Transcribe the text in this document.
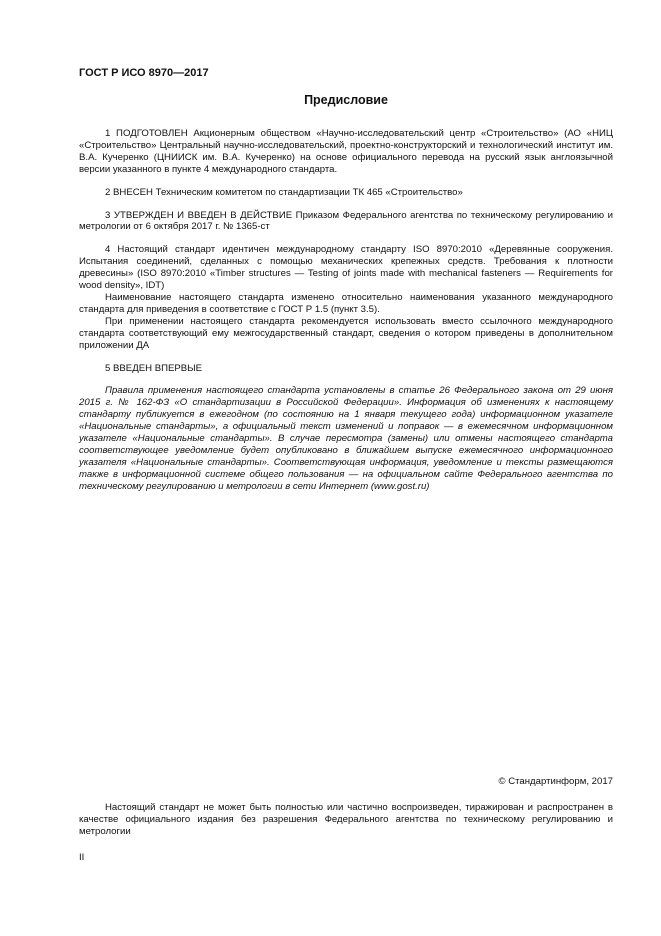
ГОСТ Р ИСО 8970—2017
Предисловие

1 ПОДГОТОВЛЕН Акционерным обществом «Научно-исследовательский центр «Строительство» (АО «НИЦ «Строительство» Центральный научно-исследовательский, проектно-конструкторский и технологический институт им. В.А. Кучеренко (ЦНИИСК им. В.А. Кучеренко) на основе официального перевода на русский язык англоязычной версии указанного в пункте 4 международного стандарта.

2 ВНЕСЕН Техническим комитетом по стандартизации ТК 465 «Строительство»

3 УТВЕРЖДЕН И ВВЕДЕН В ДЕЙСТВИЕ Приказом Федерального агентства по техническому регулированию и метрологии от 6 октября 2017 г. № 1365-ст

4 Настоящий стандарт идентичен международному стандарту ISO 8970:2010 «Деревянные сооружения. Испытания соединений, сделанных с помощью механических крепежных средств. Требования к плотности древесины» (ISO 8970:2010 «Timber structures — Testing of joints made with mechanical fasteners — Requirements for wood density», IDT)

Наименование настоящего стандарта изменено относительно наименования указанного международного стандарта для приведения в соответствие с ГОСТ Р 1.5 (пункт 3.5).

При применении настоящего стандарта рекомендуется использовать вместо ссылочного международного стандарта соответствующий ему межгосударственный стандарт, сведения о котором приведены в дополнительном приложении ДА

5 ВВЕДЕН ВПЕРВЫЕ

Правила применения настоящего стандарта установлены в статье 26 Федерального закона от 29 июня 2015 г. № 162-ФЗ «О стандартизации в Российской Федерации». Информация об изменениях к настоящему стандарту публикуется в ежегодном (по состоянию на 1 января текущего года) информационном указателе «Национальные стандарты», а официальный текст изменений и поправок — в ежемесячном информационном указателе «Национальные стандарты». В случае пересмотра (замены) или отмены настоящего стандарта соответствующее уведомление будет опубликовано в ближайшем выпуске ежемесячного информационного указателя «Национальные стандарты». Соответствующая информация, уведомление и тексты размещаются также в информационной системе общего пользования — на официальном сайте Федерального агентства по техническому регулированию и метрологии в сети Интернет (www.gost.ru)

© Стандартинформ, 2017

Настоящий стандарт не может быть полностью или частично воспроизведен, тиражирован и распространен в качестве официального издания без разрешения Федерального агентства по техническому регулированию и метрологии

II
